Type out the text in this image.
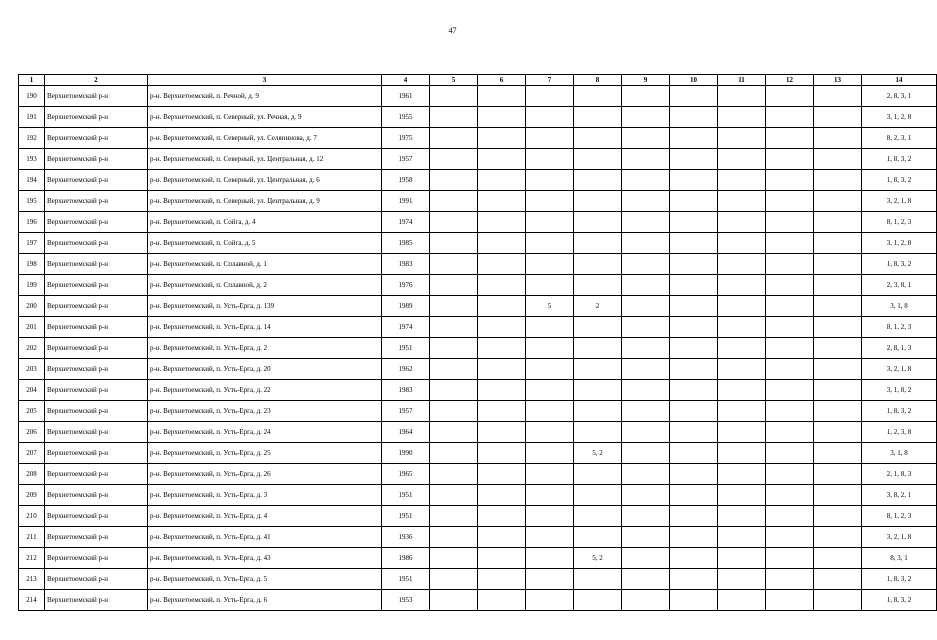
47
1	2	3	4	5	6	7	8	9	10	11	12	13	14
190	Верхнетоемский р-н	р-н. Верхнетоемский, п. Речной, д. 9	1961										2, 8, 3, 1
191	Верхнетоемский р-н	р-н. Верхнетоемский, п. Северный, ул. Речная, д. 9	1955										3, 1, 2, 8
192	Верхнетоемский р-н	р-н. Верхнетоемский, п. Северный, ул. Селянинова, д. 7	1975										8, 2, 3, 1
193	Верхнетоемский р-н	р-н. Верхнетоемский, п. Северный, ул. Центральная, д. 12	1957										1, 8, 3, 2
194	Верхнетоемский р-н	р-н. Верхнетоемский, п. Северный, ул. Центральная, д. 6	1958										1, 8, 3, 2
195	Верхнетоемский р-н	р-н. Верхнетоемский, п. Северный, ул. Центральная, д. 9	1991										3, 2, 1, 8
196	Верхнетоемский р-н	р-н. Верхнетоемский, п. Сойга, д. 4	1974										8, 1, 2, 3
197	Верхнетоемский р-н	р-н. Верхнетоемский, п. Сойга, д. 5	1985										3, 1, 2, 8
198	Верхнетоемский р-н	р-н. Верхнетоемский, п. Сплавной, д. 1	1983										1, 8, 3, 2
199	Верхнетоемский р-н	р-н. Верхнетоемский, п. Сплавной, д. 2	1976										2, 3, 8, 1
200	Верхнетоемский р-н	р-н. Верхнетоемский, п. Усть-Ерга, д. 139	1989			5	2						3, 1, 8
201	Верхнетоемский р-н	р-н. Верхнетоемский, п. Усть-Ерга, д. 14	1974										8, 1, 2, 3
202	Верхнетоемский р-н	р-н. Верхнетоемский, п. Усть-Ерга, д. 2	1951										2, 8, 1, 3
203	Верхнетоемский р-н	р-н. Верхнетоемский, п. Усть-Ерга, д. 20	1962										3, 2, 1, 8
204	Верхнетоемский р-н	р-н. Верхнетоемский, п. Усть-Ерга, д. 22	1983										3, 1, 8, 2
205	Верхнетоемский р-н	р-н. Верхнетоемский, п. Усть-Ерга, д. 23	1957										1, 8, 3, 2
206	Верхнетоемский р-н	р-н. Верхнетоемский, п. Усть-Ерга, д. 24	1964										1, 2, 3, 8
207	Верхнетоемский р-н	р-н. Верхнетоемский, п. Усть-Ерга, д. 25	1990				5, 2						3, 1, 8
208	Верхнетоемский р-н	р-н. Верхнетоемский, п. Усть-Ерга, д. 26	1965										2, 1, 8, 3
209	Верхнетоемский р-н	р-н. Верхнетоемский, п. Усть-Ерга, д. 3	1951										3, 8, 2, 1
210	Верхнетоемский р-н	р-н. Верхнетоемский, п. Усть-Ерга, д. 4	1951										8, 1, 2, 3
211	Верхнетоемский р-н	р-н. Верхнетоемский, п. Усть-Ерга, д. 41	1936										3, 2, 1, 8
212	Верхнетоемский р-н	р-н. Верхнетоемский, п. Усть-Ерга, д. 43	1986				5, 2						8, 3, 1
213	Верхнетоемский р-н	р-н. Верхнетоемский, п. Усть-Ерга, д. 5	1951										1, 8, 3, 2
214	Верхнетоемский р-н	р-н. Верхнетоемский, п. Усть-Ерга, д. 6	1953										1, 8, 3, 2
